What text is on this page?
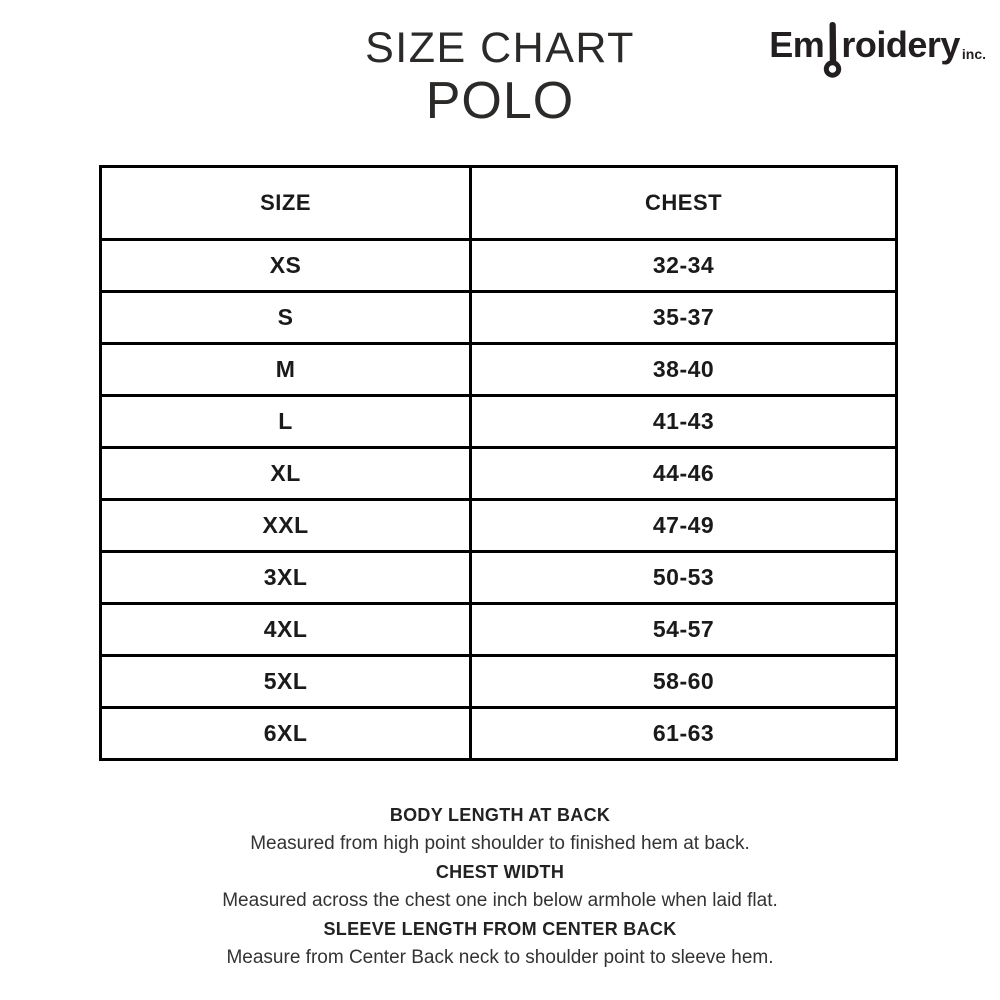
SIZE CHART
POLO
Em roidery inc.
SIZE	CHEST
XS	32-34
S	35-37
M	38-40
L	41-43
XL	44-46
XXL	47-49
3XL	50-53
4XL	54-57
5XL	58-60
6XL	61-63
BODY LENGTH AT BACK
Measured from high point shoulder to finished hem at back.
CHEST WIDTH
Measured across the chest one inch below armhole when laid flat.
SLEEVE LENGTH FROM CENTER BACK
Measure from Center Back neck to shoulder point to sleeve hem.
